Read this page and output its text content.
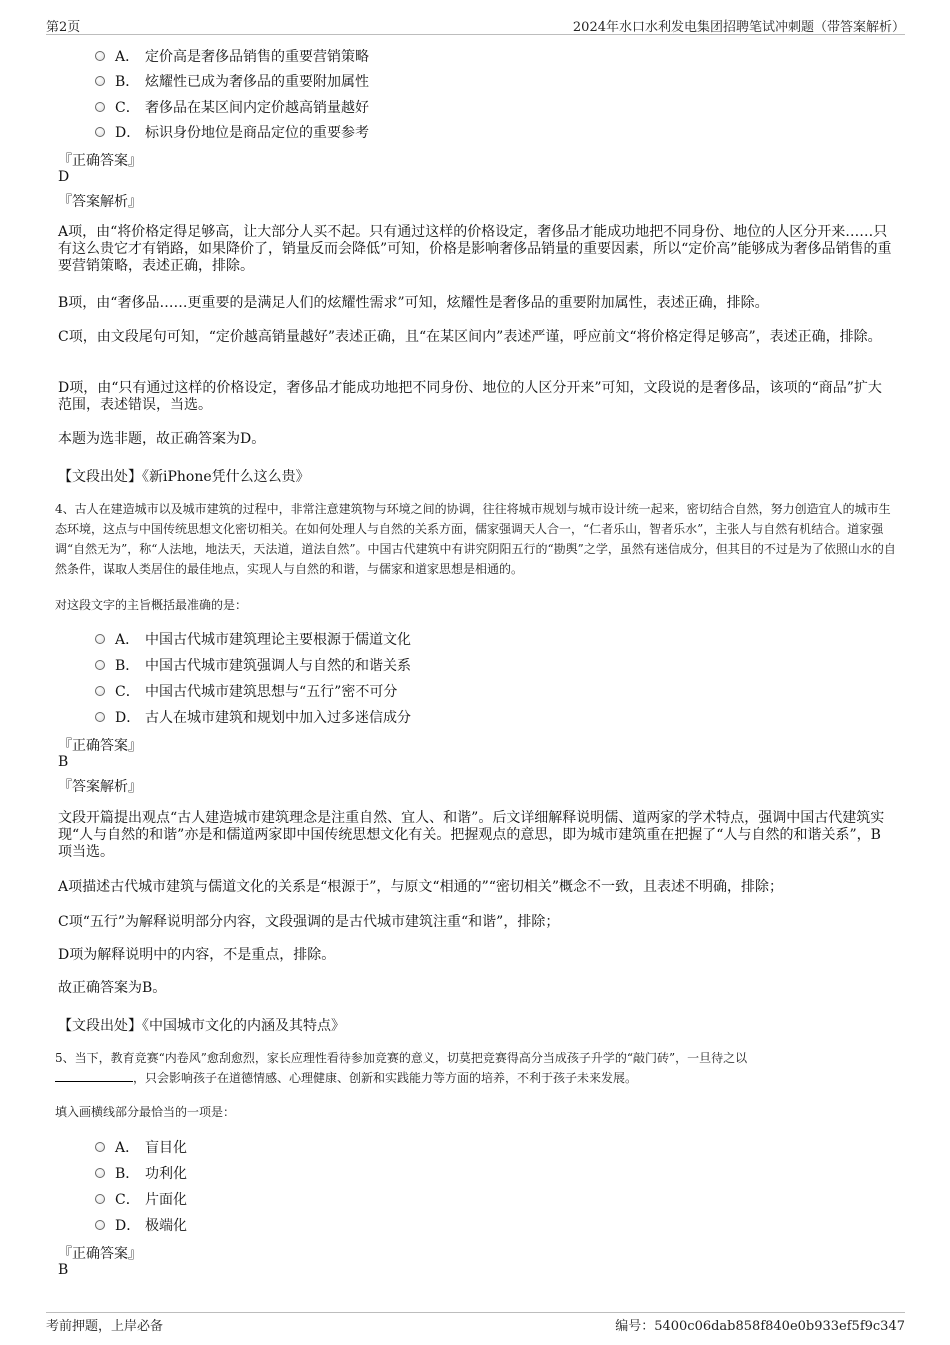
第2页	2024年水口水利发电集团招聘笔试冲刺题（带答案解析）
A． 定价高是奢侈品销售的重要营销策略
B． 炫耀性已成为奢侈品的重要附加属性
C． 奢侈品在某区间内定价越高销量越好
D． 标识身份地位是商品定位的重要参考
『正确答案』
D
『答案解析』
A项，由“将价格定得足够高，让大部分人买不起。只有通过这样的价格设定，奢侈品才能成功地把不同身份、地位的人区分开来……只有这么贵它才有销路，如果降价了，销量反而会降低”可知，价格是影响奢侈品销量的重要因素，所以“定价高”能够成为奢侈品销售的重要营销策略，表述正确，排除。
B项，由“奢侈品……更重要的是满足人们的炫耀性需求”可知，炫耀性是奢侈品的重要附加属性，表述正确，排除。
C项，由文段尾句可知，“定价越高销量越好”表述正确，且“在某区间内”表述严谨，呼应前文“将价格定得足够高”，表述正确，排除。
D项，由“只有通过这样的价格设定，奢侈品才能成功地把不同身份、地位的人区分开来”可知，文段说的是奢侈品，该项的“商品”扩大范围，表述错误，当选。
本题为选非题，故正确答案为D。
【文段出处】《新iPhone凭什么这么贵》
4、古人在建造城市以及城市建筑的过程中，非常注意建筑物与环境之间的协调，往往将城市规划与城市设计统一起来，密切结合自然，努力创造宜人的城市生态环境，这点与中国传统思想文化密切相关。在如何处理人与自然的关系方面，儒家强调天人合一，“仁者乐山，智者乐水”，主张人与自然有机结合。道家强调“自然无为”，称“人法地，地法天，天法道，道法自然”。中国古代建筑中有讲究阴阳五行的“勘舆”之学，虽然有迷信成分，但其目的不过是为了依照山水的自然条件，谋取人类居住的最佳地点，实现人与自然的和谐，与儒家和道家思想是相通的。
对这段文字的主旨概括最准确的是：
A． 中国古代城市建筑理论主要根源于儒道文化
B． 中国古代城市建筑强调人与自然的和谐关系
C． 中国古代城市建筑思想与“五行”密不可分
D． 古人在城市建筑和规划中加入过多迷信成分
『正确答案』
B
『答案解析』
文段开篇提出观点“古人建造城市建筑理念是注重自然、宜人、和谐”。后文详细解释说明儒、道两家的学术特点，强调中国古代建筑实现“人与自然的和谐”亦是和儒道两家即中国传统思想文化有关。把握观点的意思，即为城市建筑重在把握了“人与自然的和谐关系”，B项当选。
A项描述古代城市建筑与儒道文化的关系是“根源于”，与原文“相通的”“密切相关”概念不一致，且表述不明确，排除；
C项“五行”为解释说明部分内容，文段强调的是古代城市建筑注重“和谐”，排除；
D项为解释说明中的内容，不是重点，排除。
故正确答案为B。
【文段出处】《中国城市文化的内涵及其特点》
5、当下，教育竞赛“内卷风”愈刮愈烈，家长应理性看待参加竞赛的意义，切莫把竞赛得高分当成孩子升学的“敲门砖”，一旦待之以
，只会影响孩子在道德情感、心理健康、创新和实践能力等方面的培养，不利于孩子未来发展。
填入画横线部分最恰当的一项是：
A． 盲目化
B． 功利化
C． 片面化
D． 极端化
『正确答案』
B
考前押题，上岸必备	编号：5400c06dab858f840e0b933ef5f9c347
